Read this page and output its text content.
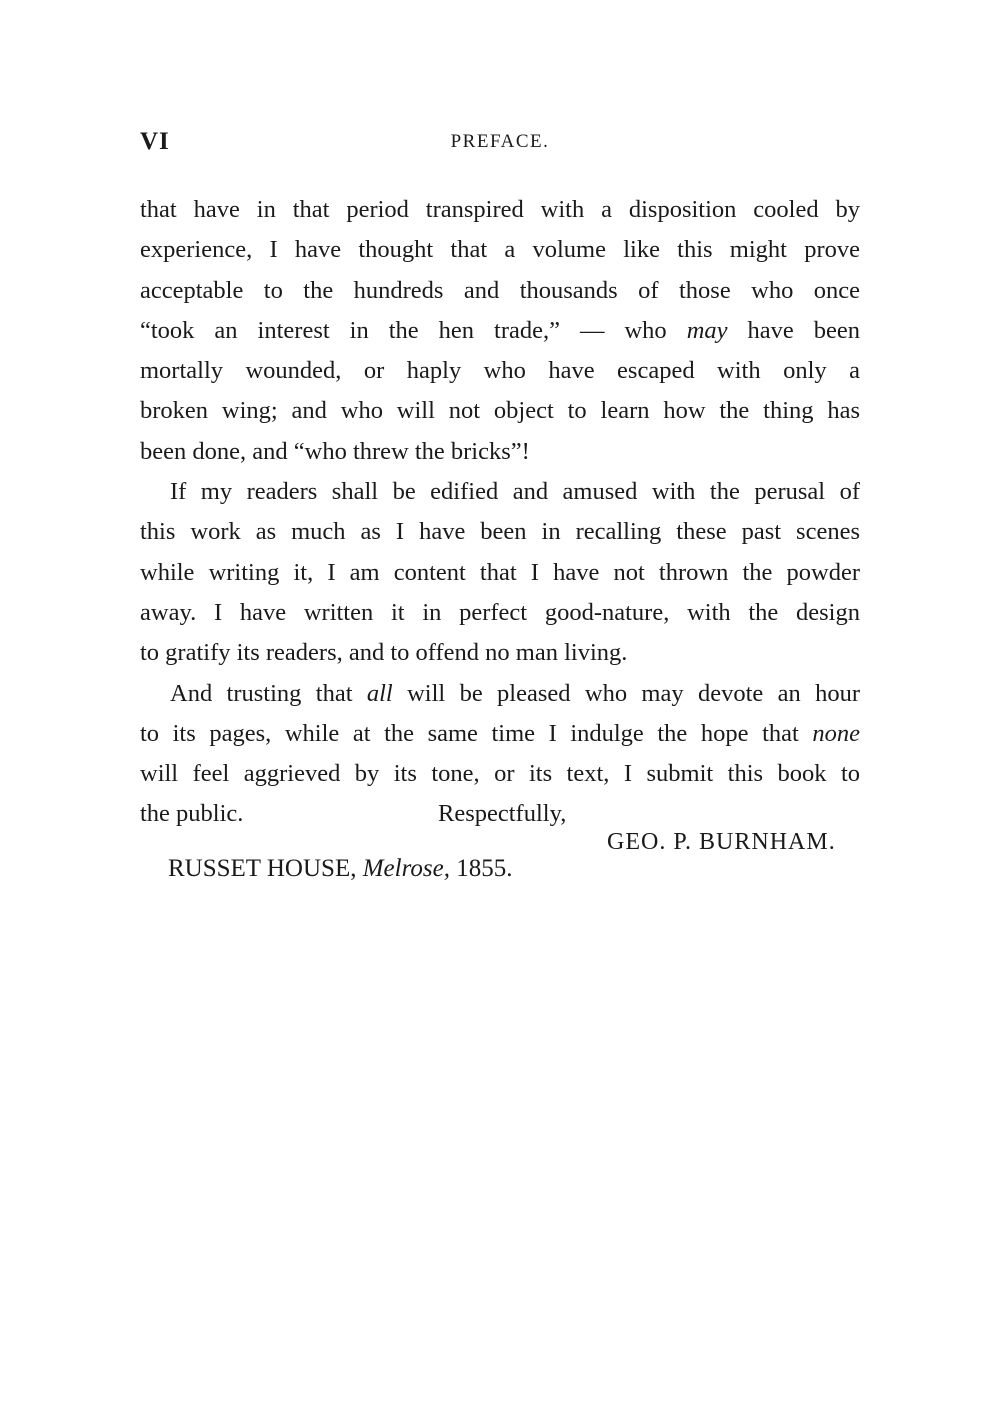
VI	PREFACE.
that have in that period transpired with a disposition cooled by
experience, I have thought that a volume like this might prove
acceptable to the hundreds and thousands of those who once
“took an interest in the hen trade,” — who may have been
mortally wounded, or haply who have escaped with only a
broken wing; and who will not object to learn how the thing has
been done, and “who threw the bricks”!
If my readers shall be edified and amused with the perusal of
this work as much as I have been in recalling these past scenes
while writing it, I am content that I have not thrown the powder
away. I have written it in perfect good-nature, with the design
to gratify its readers, and to offend no man living.
And trusting that all will be pleased who may devote an hour
to its pages, while at the same time I indulge the hope that none
will feel aggrieved by its tone, or its text, I submit this book to
the public.	Respectfully,
GEO. P. BURNHAM.
RUSSET HOUSE, Melrose, 1855.
